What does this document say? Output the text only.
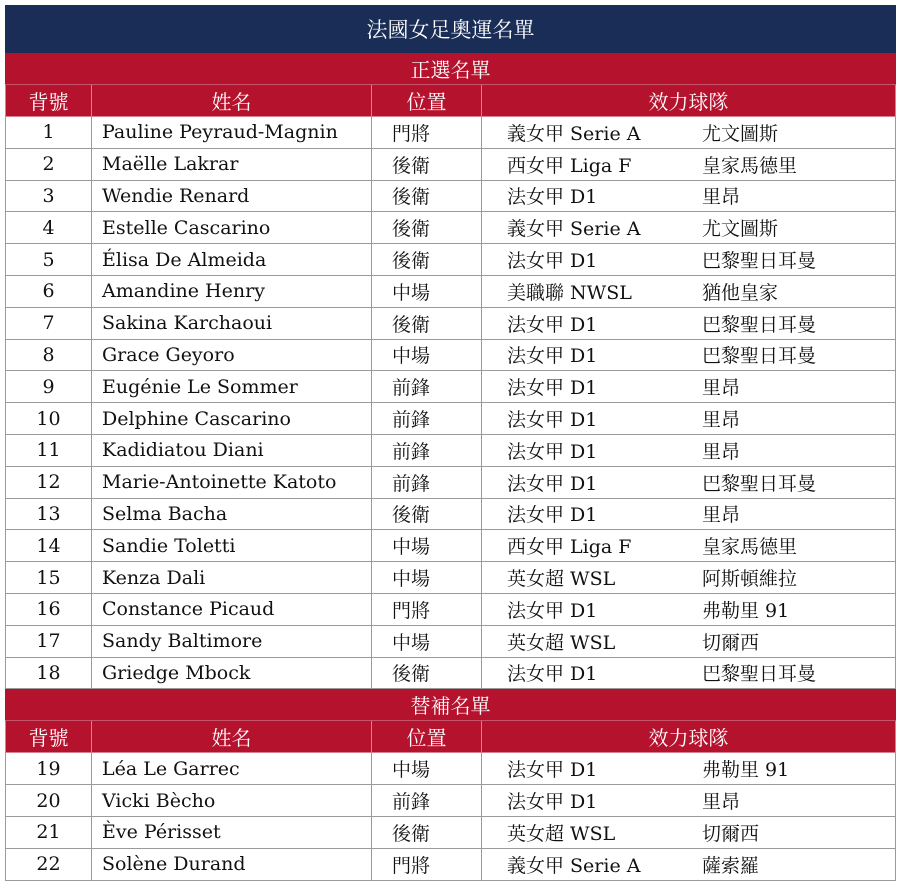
法國女足奧運名單			
正選名單			
背號	姓名	位置	效力球隊
1	Pauline Peyraud-Magnin	門將	義女甲 Serie A 尤文圖斯
2	Maëlle Lakrar	後衛	西女甲 Liga F 皇家馬德里
3	Wendie Renard	後衛	法女甲 D1 里昂
4	Estelle Cascarino	後衛	義女甲 Serie A 尤文圖斯
5	Élisa De Almeida	後衛	法女甲 D1 巴黎聖日耳曼
6	Amandine Henry	中場	美職聯 NWSL 猶他皇家
7	Sakina Karchaoui	後衛	法女甲 D1 巴黎聖日耳曼
8	Grace Geyoro	中場	法女甲 D1 巴黎聖日耳曼
9	Eugénie Le Sommer	前鋒	法女甲 D1 里昂
10	Delphine Cascarino	前鋒	法女甲 D1 里昂
11	Kadidiatou Diani	前鋒	法女甲 D1 里昂
12	Marie-Antoinette Katoto	前鋒	法女甲 D1 巴黎聖日耳曼
13	Selma Bacha	後衛	法女甲 D1 里昂
14	Sandie Toletti	中場	西女甲 Liga F 皇家馬德里
15	Kenza Dali	中場	英女超 WSL 阿斯頓維拉
16	Constance Picaud	門將	法女甲 D1 弗勒里 91
17	Sandy Baltimore	中場	英女超 WSL 切爾西
18	Griedge Mbock	後衛	法女甲 D1 巴黎聖日耳曼
替補名單			
背號	姓名	位置	效力球隊
19	Léa Le Garrec	中場	法女甲 D1 弗勒里 91
20	Vicki Bècho	前鋒	法女甲 D1 里昂
21	Ève Périsset	後衛	英女超 WSL 切爾西
22	Solène Durand	門將	義女甲 Serie A 薩索羅
